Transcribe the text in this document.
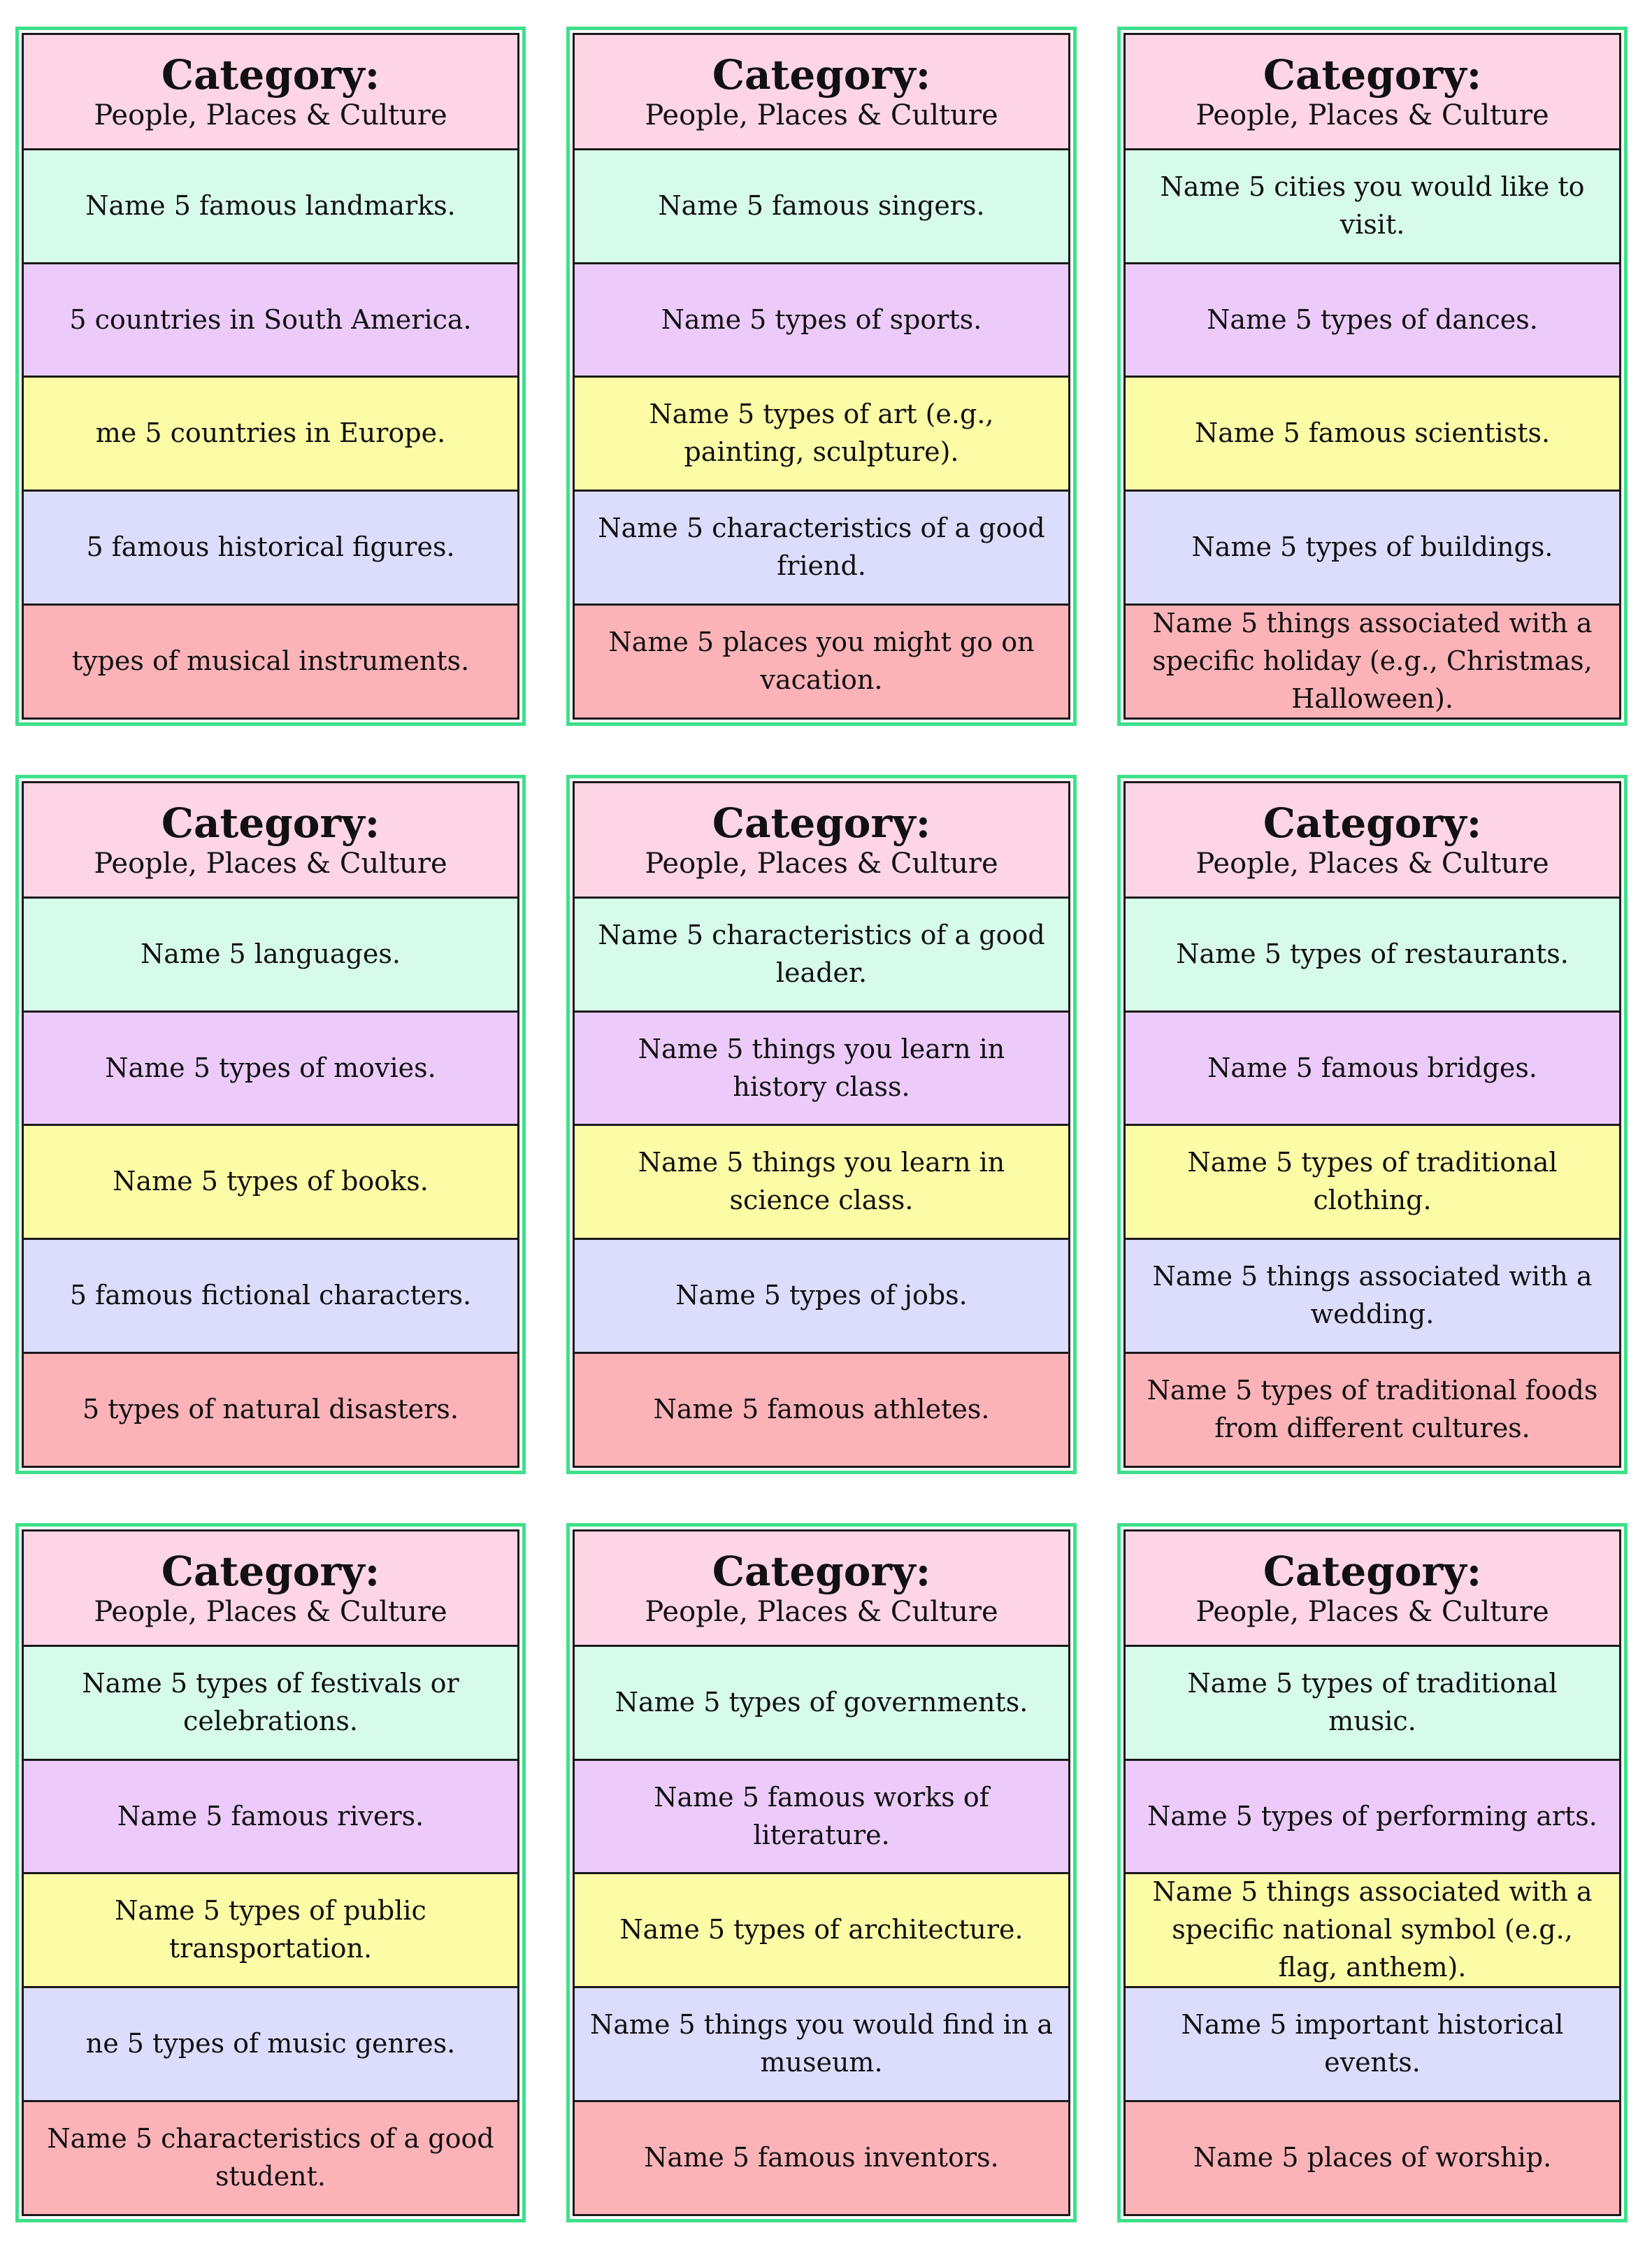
Category:
People, Places & Culture
Name 5 famous landmarks.
5 countries in South America.
me 5 countries in Europe.
5 famous historical figures.
types of musical instruments.
Category:
People, Places & Culture
Name 5 famous singers.
Name 5 types of sports.
Name 5 types of art (e.g., painting, sculpture).
Name 5 characteristics of a good friend.
Name 5 places you might go on vacation.
Category:
People, Places & Culture
Name 5 cities you would like to visit.
Name 5 types of dances.
Name 5 famous scientists.
Name 5 types of buildings.
Name 5 things associated with a specific holiday (e.g., Christmas, Halloween).
Category:
People, Places & Culture
Name 5 languages.
Name 5 types of movies.
Name 5 types of books.
5 famous fictional characters.
5 types of natural disasters.
Category:
People, Places & Culture
Name 5 characteristics of a good leader.
Name 5 things you learn in history class.
Name 5 things you learn in science class.
Name 5 types of jobs.
Name 5 famous athletes.
Category:
People, Places & Culture
Name 5 types of restaurants.
Name 5 famous bridges.
Name 5 types of traditional clothing.
Name 5 things associated with a wedding.
Name 5 types of traditional foods from different cultures.
Category:
People, Places & Culture
Name 5 types of festivals or celebrations.
Name 5 famous rivers.
Name 5 types of public transportation.
ne 5 types of music genres.
Name 5 characteristics of a good student.
Category:
People, Places & Culture
Name 5 types of governments.
Name 5 famous works of literature.
Name 5 types of architecture.
Name 5 things you would find in a museum.
Name 5 famous inventors.
Category:
People, Places & Culture
Name 5 types of traditional music.
Name 5 types of performing arts.
Name 5 things associated with a specific national symbol (e.g., flag, anthem).
Name 5 important historical events.
Name 5 places of worship.
